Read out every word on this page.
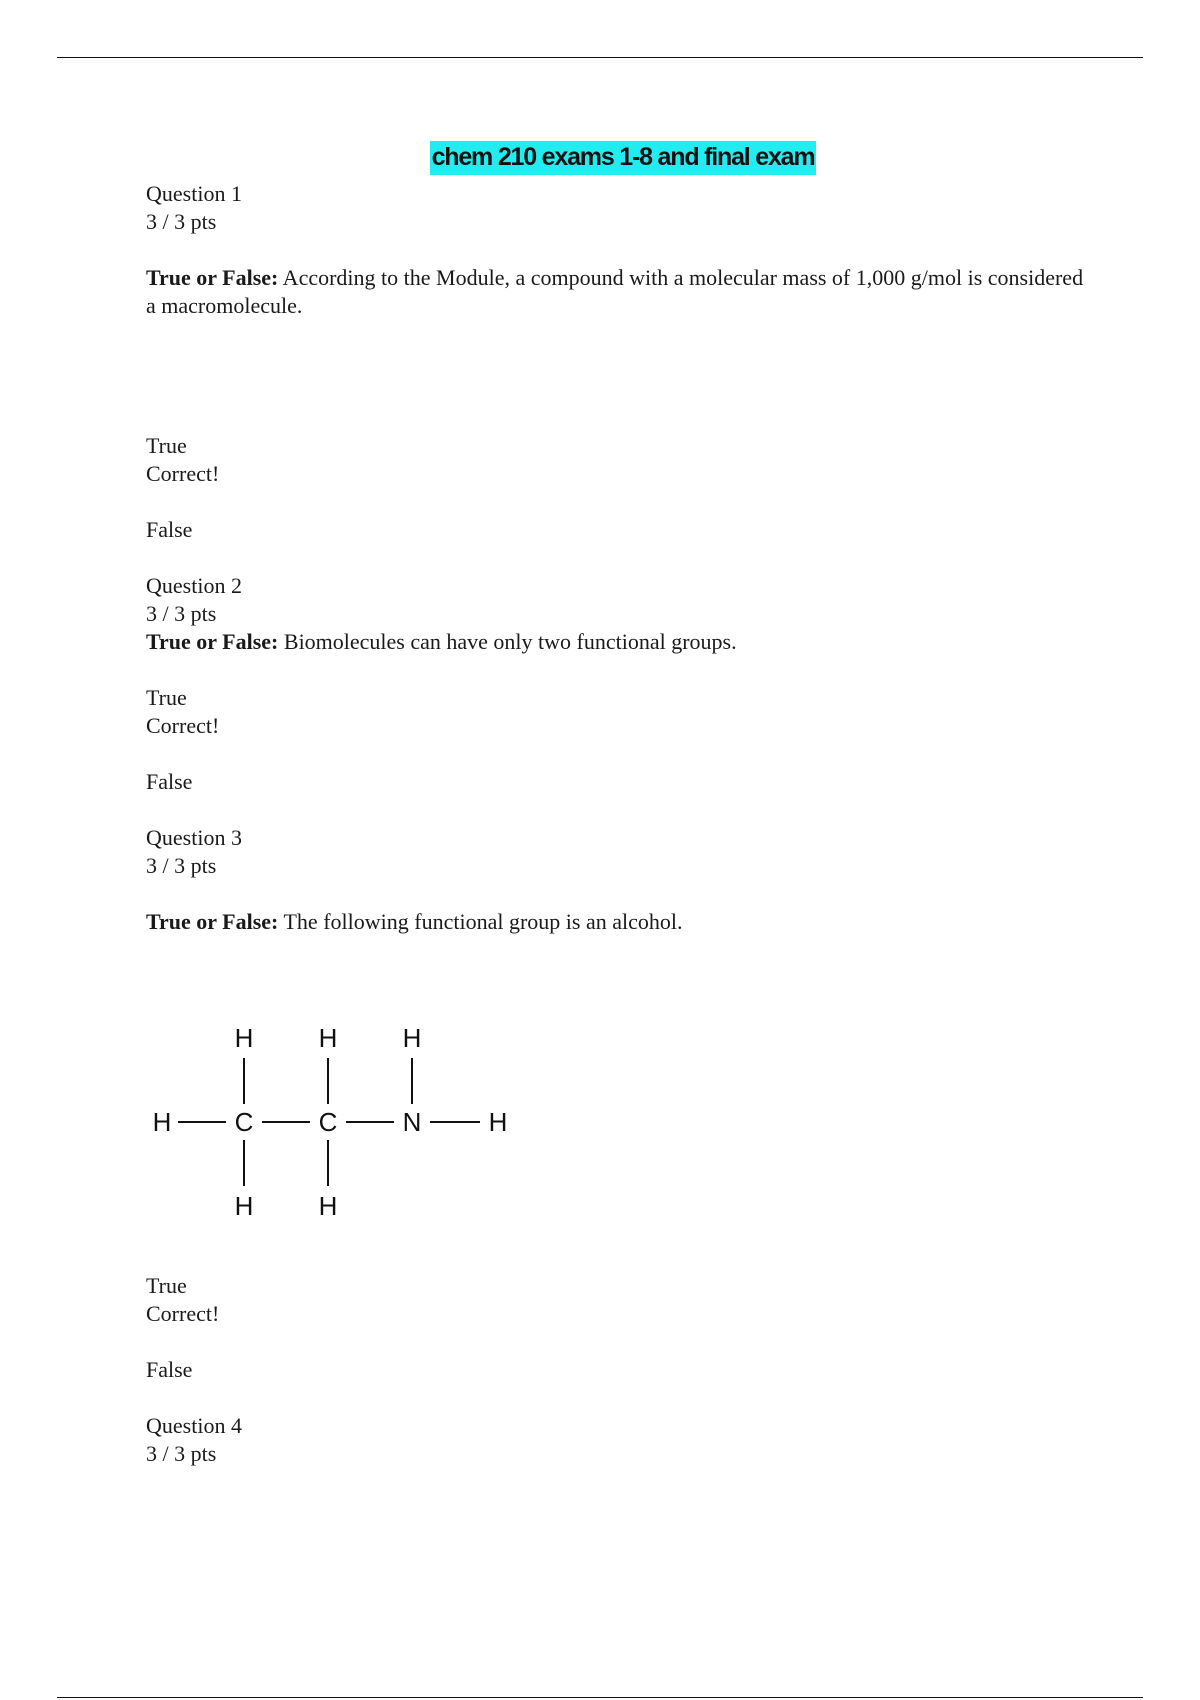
chem 210 exams 1-8 and final exam

Question 1

3 / 3 pts

True or False: According to the Module, a compound with a molecular mass of 1,000 g/mol is considered a macromolecule.

True

Correct!

False

Question 2

3 / 3 pts

True or False: Biomolecules can have only two functional groups.

True

Correct!

False

Question 3

3 / 3 pts

True or False: The following functional group is an alcohol.

True

Correct!

False

Question 4

3 / 3 pts

H C	C	N	H
H	H	H
H	H
